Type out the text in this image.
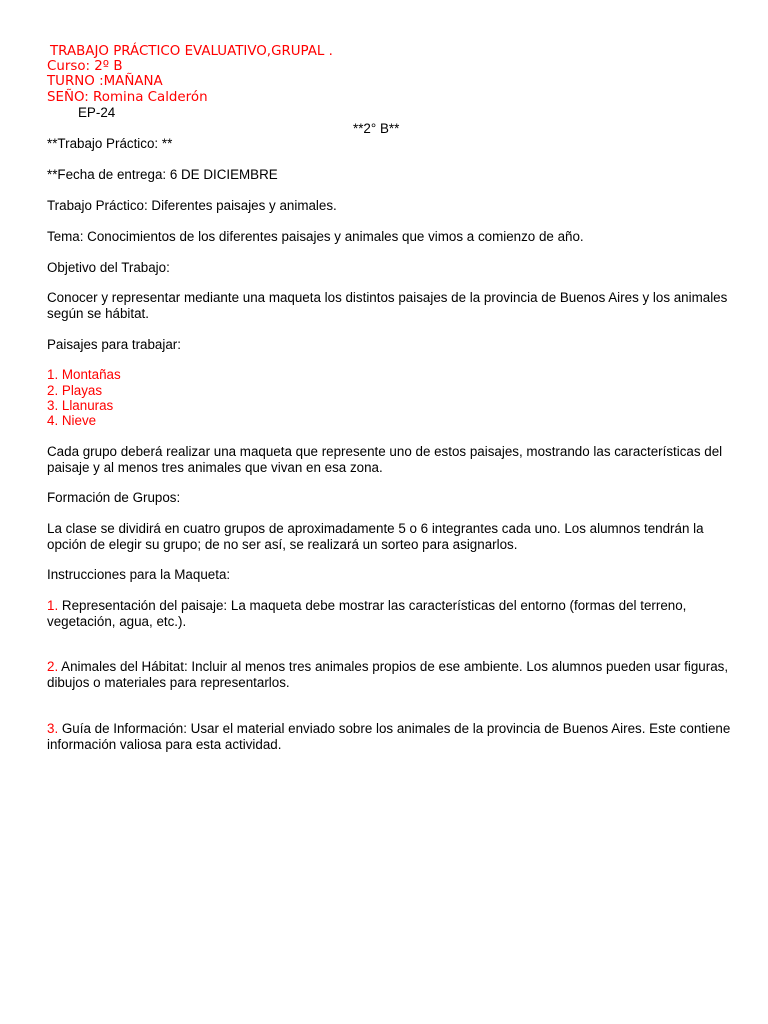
TRABAJO PRÁCTICO EVALUATIVO,GRUPAL .
Curso: 2º B
TURNO :MAÑANA
SEÑO: Romina Calderón
EP-24
**2° B**
**Trabajo Práctico: **
**Fecha de entrega: 6 DE DICIEMBRE
Trabajo Práctico: Diferentes paisajes y animales.
Tema: Conocimientos de los diferentes paisajes y animales que vimos a comienzo de año.
Objetivo del Trabajo:
Conocer y representar mediante una maqueta los distintos paisajes de la provincia de Buenos Aires y los animales según se hábitat.
Paisajes para trabajar:
1. Montañas
2. Playas
3. Llanuras
4. Nieve
Cada grupo deberá realizar una maqueta que represente uno de estos paisajes, mostrando las características del paisaje y al menos tres animales que vivan en esa zona.
Formación de Grupos:
La clase se dividirá en cuatro grupos de aproximadamente 5 o 6 integrantes cada uno. Los alumnos tendrán la opción de elegir su grupo; de no ser así, se realizará un sorteo para asignarlos.
Instrucciones para la Maqueta:
1. Representación del paisaje: La maqueta debe mostrar las características del entorno (formas del terreno, vegetación, agua, etc.).
2. Animales del Hábitat: Incluir al menos tres animales propios de ese ambiente. Los alumnos pueden usar figuras, dibujos o materiales para representarlos.
3. Guía de Información: Usar el material enviado sobre los animales de la provincia de Buenos Aires. Este contiene información valiosa para esta actividad.
